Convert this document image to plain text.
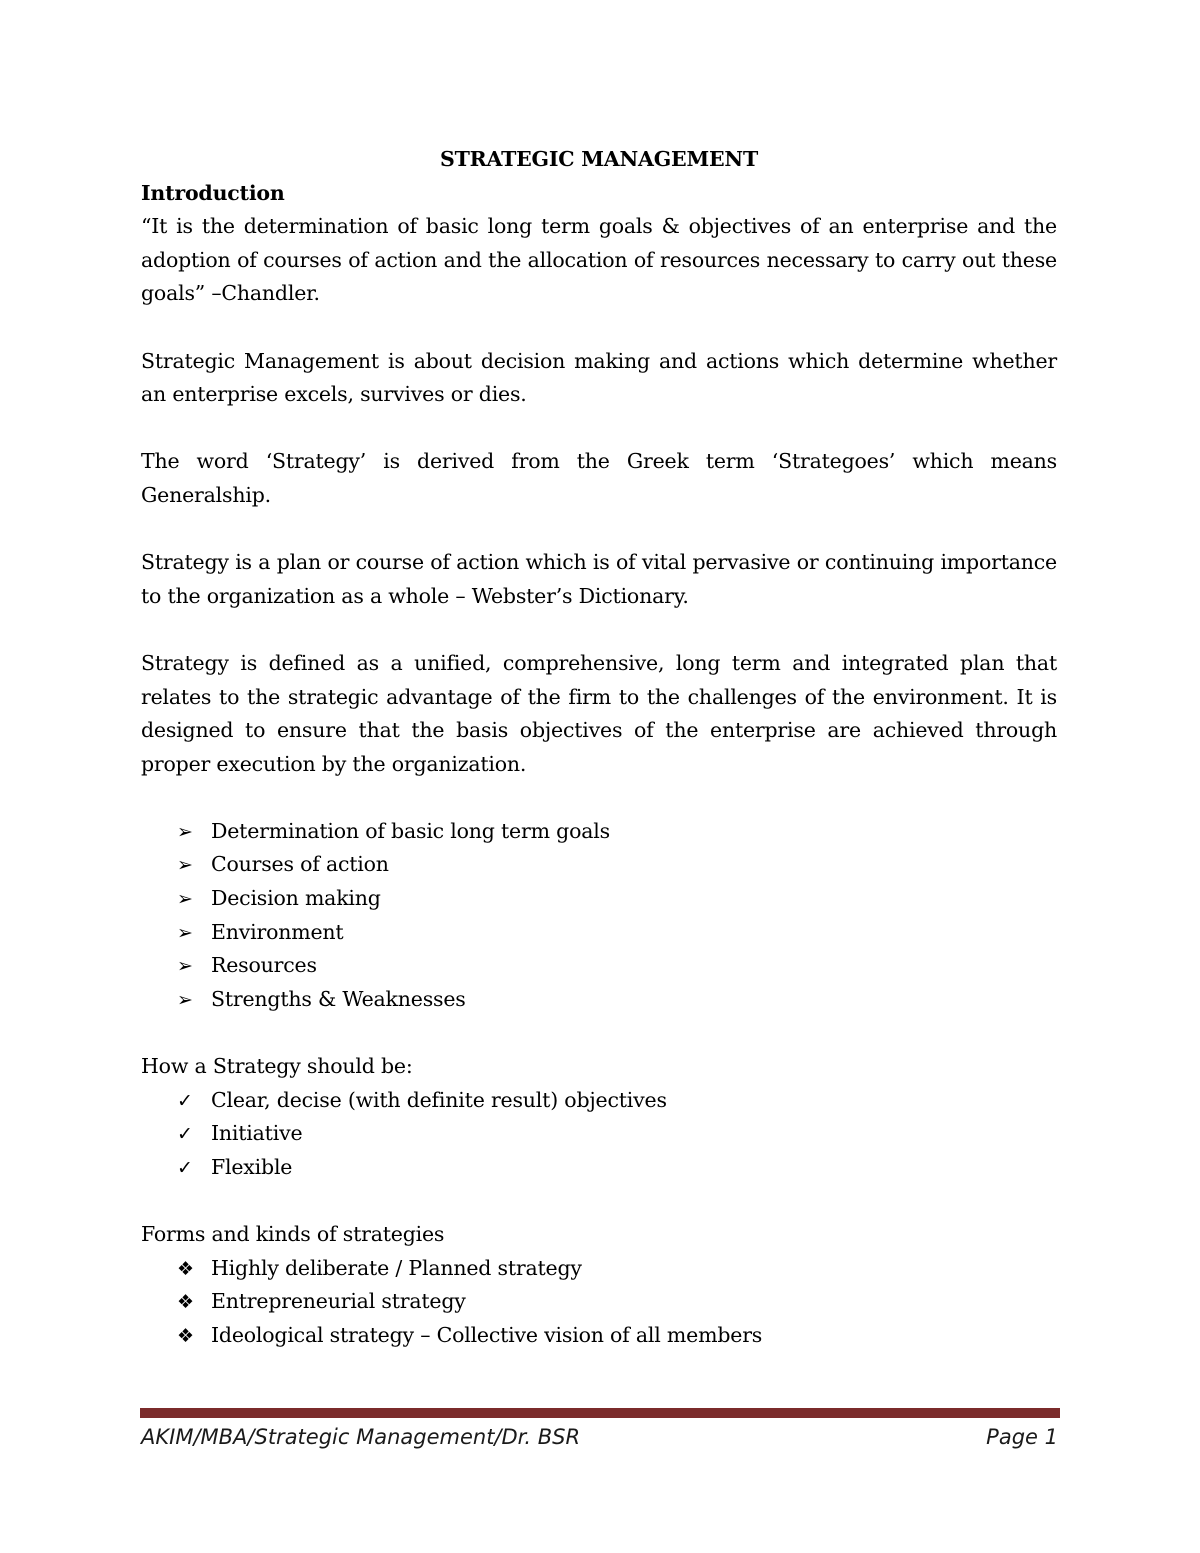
STRATEGIC MANAGEMENT
Introduction

“It is the determination of basic long term goals & objectives of an enterprise and the adoption of courses of action and the allocation of resources necessary to carry out these goals” –Chandler.

Strategic Management is about decision making and actions which determine whether an enterprise excels, survives or dies.

The word ‘Strategy’ is derived from the Greek term ‘Strategoes’ which means Generalship.

Strategy is a plan or course of action which is of vital pervasive or continuing importance to the organization as a whole – Webster’s Dictionary.

Strategy is defined as a unified, comprehensive, long term and integrated plan that relates to the strategic advantage of the firm to the challenges of the environment. It is designed to ensure that the basis objectives of the enterprise are achieved through proper execution by the organization.

➢ Determination of basic long term goals
➢ Courses of action
➢ Decision making
➢ Environment
➢ Resources
➢ Strengths & Weaknesses
How a Strategy should be:
✓ Clear, decise (with definite result) objectives
✓ Initiative
✓ Flexible
Forms and kinds of strategies
❖ Highly deliberate / Planned strategy
❖ Entrepreneurial strategy
❖ Ideological strategy – Collective vision of all members
AKIM/MBA/Strategic Management/Dr. BSR	Page 1
